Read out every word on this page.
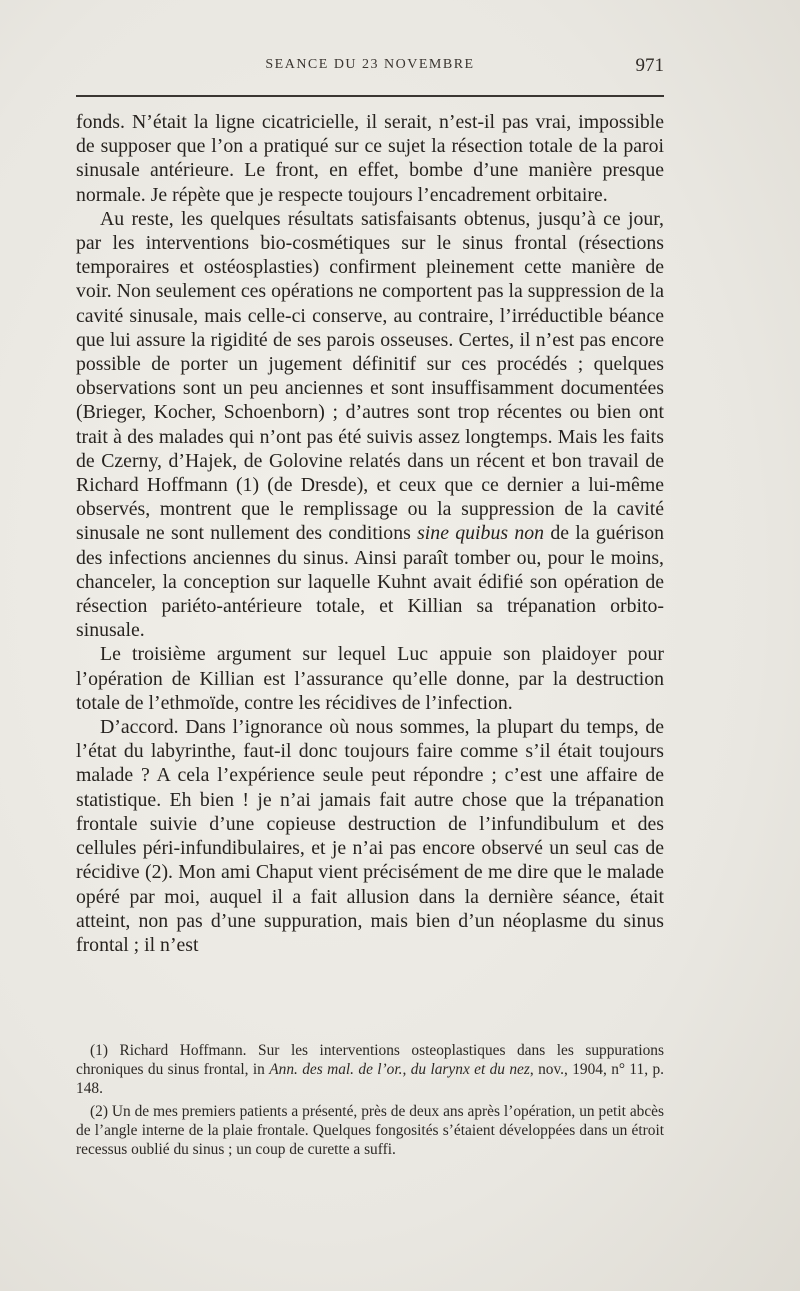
SEANCE DU 23 NOVEMBRE	971

fonds. N’était la ligne cicatricielle, il serait, n’est-il pas vrai, impossible de supposer que l’on a pratiqué sur ce sujet la résection totale de la paroi sinusale antérieure. Le front, en effet, bombe d’une manière presque normale. Je répète que je respecte toujours l’encadrement orbitaire.

Au reste, les quelques résultats satisfaisants obtenus, jusqu’à ce jour, par les interventions bio-cosmétiques sur le sinus frontal (résections temporaires et ostéosplasties) confirment pleinement cette manière de voir. Non seulement ces opérations ne comportent pas la suppression de la cavité sinusale, mais celle-ci conserve, au contraire, l’irréductible béance que lui assure la rigidité de ses parois osseuses. Certes, il n’est pas encore possible de porter un jugement définitif sur ces procédés ; quelques observations sont un peu anciennes et sont insuffisamment documentées (Brieger, Kocher, Schoenborn) ; d’autres sont trop récentes ou bien ont trait à des malades qui n’ont pas été suivis assez longtemps. Mais les faits de Czerny, d’Hajek, de Golovine relatés dans un récent et bon travail de Richard Hoffmann (1) (de Dresde), et ceux que ce dernier a lui-même observés, montrent que le remplissage ou la suppression de la cavité sinusale ne sont nullement des conditions sine quibus non de la guérison des infections anciennes du sinus. Ainsi paraît tomber ou, pour le moins, chanceler, la conception sur laquelle Kuhnt avait édifié son opération de résection pariéto-antérieure totale, et Killian sa trépanation orbito-sinusale.

Le troisième argument sur lequel Luc appuie son plaidoyer pour l’opération de Killian est l’assurance qu’elle donne, par la destruction totale de l’ethmoïde, contre les récidives de l’infection.

D’accord. Dans l’ignorance où nous sommes, la plupart du temps, de l’état du labyrinthe, faut-il donc toujours faire comme s’il était toujours malade ? A cela l’expérience seule peut répondre ; c’est une affaire de statistique. Eh bien ! je n’ai jamais fait autre chose que la trépanation frontale suivie d’une copieuse destruction de l’infundibulum et des cellules péri-infundibulaires, et je n’ai pas encore observé un seul cas de récidive (2). Mon ami Chaput vient précisément de me dire que le malade opéré par moi, auquel il a fait allusion dans la dernière séance, était atteint, non pas d’une suppuration, mais bien d’un néoplasme du sinus frontal ; il n’est

(1) Richard Hoffmann. Sur les interventions osteoplastiques dans les suppurations chroniques du sinus frontal, in Ann. des mal. de l’or., du larynx et du nez, nov., 1904, n° 11, p. 148.

(2) Un de mes premiers patients a présenté, près de deux ans après l’opération, un petit abcès de l’angle interne de la plaie frontale. Quelques fongosités s’étaient développées dans un étroit recessus oublié du sinus ; un coup de curette a suffi.
